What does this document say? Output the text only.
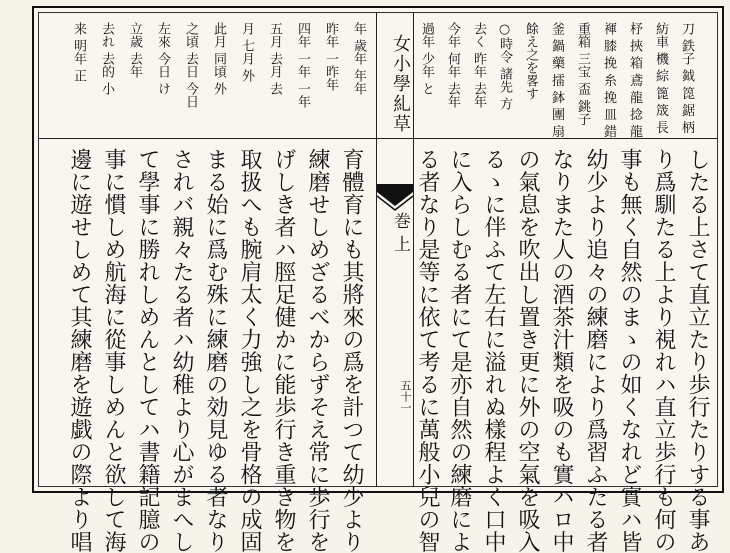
年 歳年 年年
昨年 一昨年
四年 一年 一年
五月 去月 去
月 七月 外
此月 同頃 外
之頃 去日 今日
左來 今日 け
立歳 去年
去れ 去的 小
来 明年 正	女小學糺草
巻上
五十一
刀 鉄子 鉞 箆 鋸 柄
紡車 機 綜 篦 筬 長
杼 挾 箱 鳶 龍 捻 龍
褌 膝 挽 糸 挽 皿 錯
重箱 三宝 盃 銚子
釜 鍋 藥 擂 鉢 團 扇
餘え之を畧す
○時令 諸先 方
去く 昨年 去年
今年 何年 去年
過年 少年 と
育體育にも其將來の爲を計つて幼少より
練磨せしめざるべからずそえ常に歩行を
げしき者ハ脛足健かに能歩行き重き物を
取扱へも腕肩太く力強し之を骨格の成固
まる始に爲む殊に練磨の効見ゆる者なり
されバ親々たる者ハ幼稚より心がまへし
て學事に勝れしめんとしてハ書籍記臆の
事に慣しめ航海に從事しめんと欲して海
邊に遊せしめて其練磨を遊戯の際より唱	したる上さて直立たり歩行たりする事あ
り爲馴たる上より視れハ直立歩行も何の
事も無く自然のまゝの如くなれど實ハ皆
幼少より追々の練磨により爲習ふたる者
なりまた人の酒茶汁類を吸のも實ハロ中
の氣息を吹出し置き更に外の空氣を吸入
るゝに伴ふて左右に溢れぬ樣程よく口中
に入らしむる者にて是亦自然の練磨によ
る者なり是等に依て考るに萬般小兒の智
